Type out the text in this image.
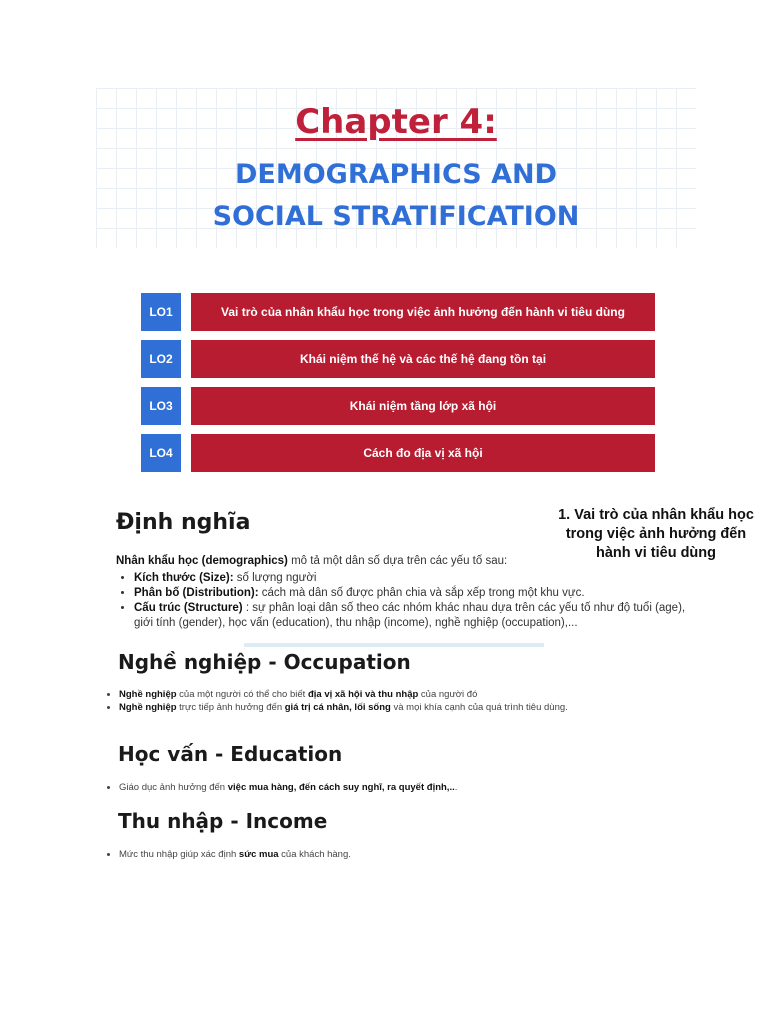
Chapter 4:
DEMOGRAPHICS AND
SOCIAL STRATIFICATION
LO1	Vai trò của nhân khẩu học trong việc ảnh hưởng đến hành vi tiêu dùng
LO2	Khái niệm thế hệ và các thế hệ đang tồn tại
LO3	Khái niệm tầng lớp xã hội
LO4	Cách đo địa vị xã hội
Định nghĩa	1. Vai trò của nhân khẩu học trong việc ảnh hưởng đến hành vi tiêu dùng
Nhân khẩu học (demographics) mô tả một dân số dựa trên các yếu tố sau:
• Kích thước (Size): số lượng người
• Phân bố (Distribution): cách mà dân số được phân chia và sắp xếp trong một khu vực.
• Cấu trúc (Structure) : sự phân loại dân số theo các nhóm khác nhau dựa trên các yếu tố như độ tuổi (age), giới tính (gender), học vấn (education), thu nhập (income), nghề nghiệp (occupation),...
Nghề nghiệp - Occupation
• Nghề nghiệp của một người có thể cho biết địa vị xã hội và thu nhập của người đó
• Nghề nghiệp trực tiếp ảnh hưởng đến giá trị cá nhân, lối sống và mọi khía cạnh của quá trình tiêu dùng.
Học vấn - Education
• Giáo dục ảnh hưởng đến việc mua hàng, đến cách suy nghĩ, ra quyết định,...
Thu nhập - Income
• Mức thu nhập giúp xác định sức mua của khách hàng.
